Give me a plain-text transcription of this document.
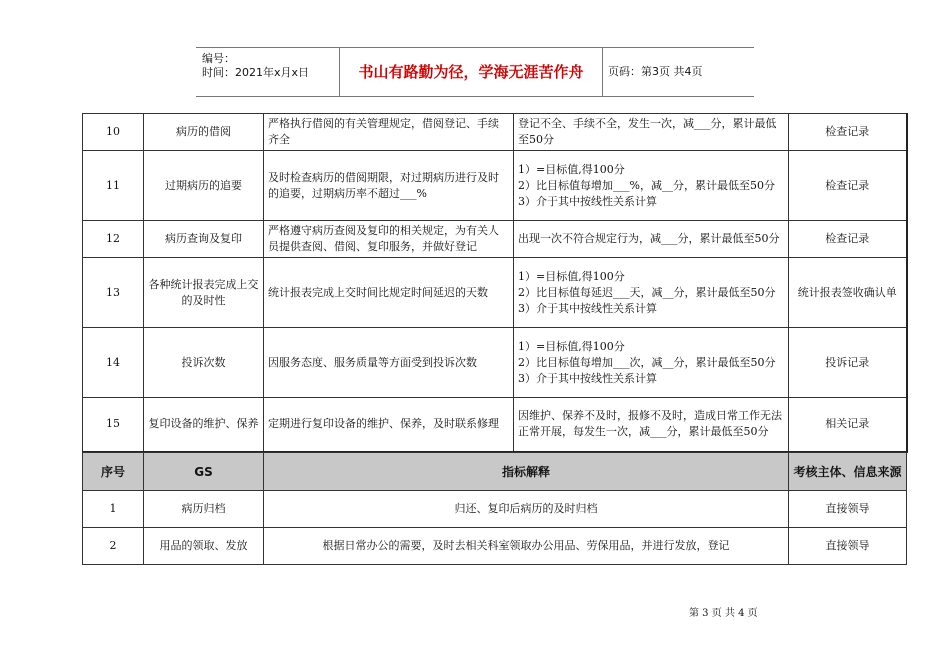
编号：
时间：2021年x月x日	书山有路勤为径，学海无涯苦作舟	页码：第3页 共4页
10	病历的借阅	严格执行借阅的有关管理规定，借阅登记、手续齐全	登记不全、手续不全，发生一次，减___分，累计最低至50分	检查记录
11	过期病历的追要	及时检查病历的借阅期限，对过期病历进行及时的追要，过期病历率不超过___%	1）=目标值,得100分
2）比目标值每增加___%，减__分，累计最低至50分
3）介于其中按线性关系计算	检查记录
12	病历查询及复印	严格遵守病历查阅及复印的相关规定，为有关人员提供查阅、借阅、复印服务，并做好登记	出现一次不符合规定行为，减___分，累计最低至50分	检查记录
13	各种统计报表完成上交的及时性	统计报表完成上交时间比规定时间延迟的天数	1）=目标值,得100分
2）比目标值每延迟___天，减__分，累计最低至50分
3）介于其中按线性关系计算	统计报表签收确认单
14	投诉次数	因服务态度、服务质量等方面受到投诉次数	1）=目标值,得100分
2）比目标值每增加___次，减__分，累计最低至50分
3）介于其中按线性关系计算	投诉记录
15	复印设备的维护、保养	定期进行复印设备的维护、保养，及时联系修理	因维护、保养不及时，报修不及时，造成日常工作无法正常开展，每发生一次，减___分，累计最低至50分	相关记录
序号	GS	指标解释	考核主体、信息来源
1	病历归档	归还、复印后病历的及时归档	直接领导
2	用品的领取、发放	根据日常办公的需要，及时去相关科室领取办公用品、劳保用品，并进行发放，登记	直接领导
第 3 页 共 4 页
